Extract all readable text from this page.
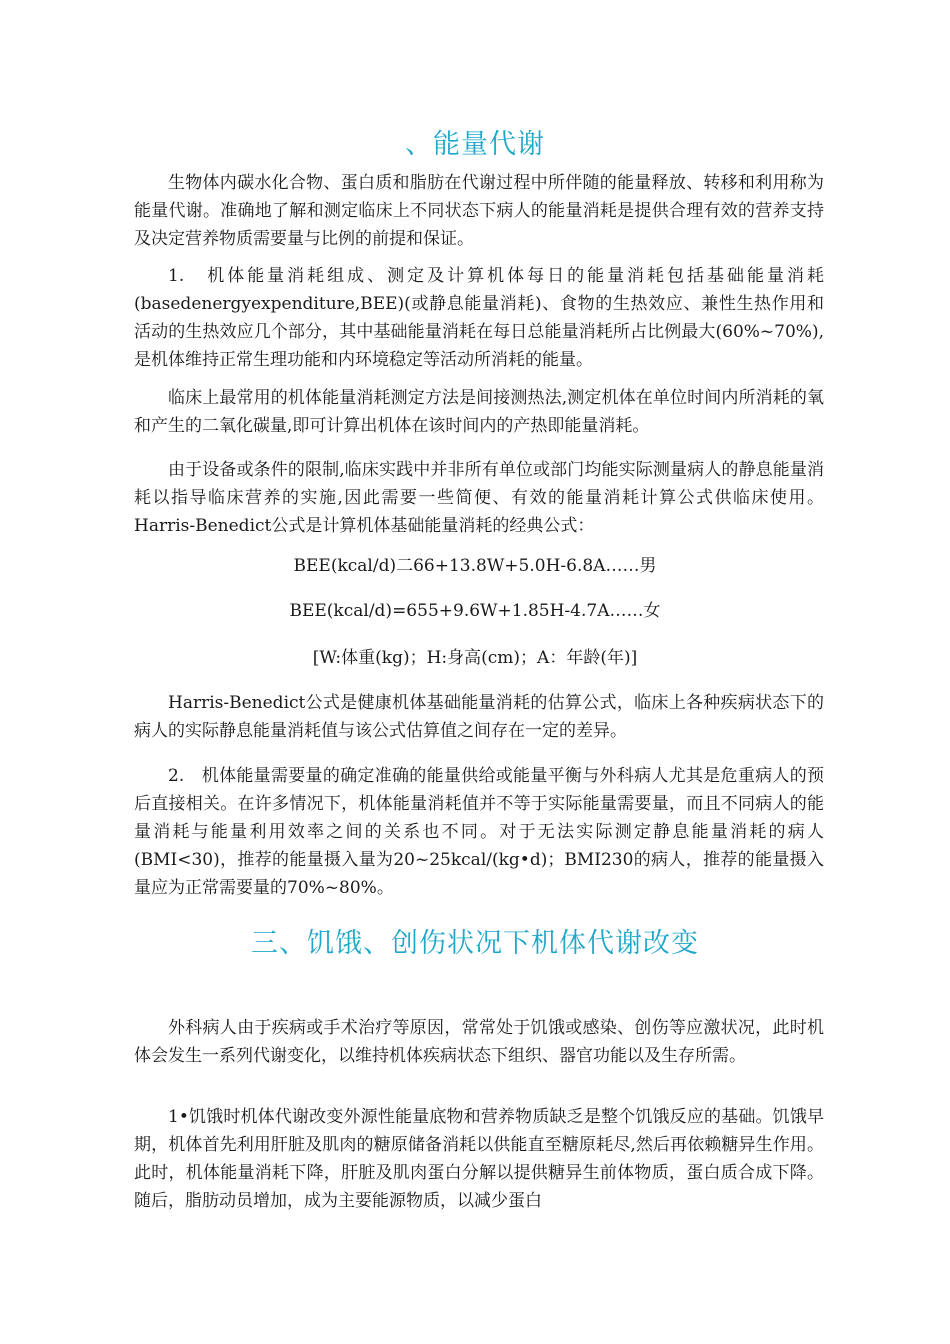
、能量代谢

生物体内碳水化合物、蛋白质和脂肪在代谢过程中所伴随的能量释放、转移和利用称为能量代谢。准确地了解和测定临床上不同状态下病人的能量消耗是提供合理有效的营养支持及决定营养物质需要量与比例的前提和保证。

1.　机体能量消耗组成、测定及计算机体每日的能量消耗包括基础能量消耗(basedenergyexpenditure,BEE)(或静息能量消耗)、食物的生热效应、兼性生热作用和活动的生热效应几个部分，其中基础能量消耗在每日总能量消耗所占比例最大(60%~70%),是机体维持正常生理功能和内环境稳定等活动所消耗的能量。

临床上最常用的机体能量消耗测定方法是间接测热法,测定机体在单位时间内所消耗的氧和产生的二氧化碳量,即可计算出机体在该时间内的产热即能量消耗。

由于设备或条件的限制,临床实践中并非所有单位或部门均能实际测量病人的静息能量消耗以指导临床营养的实施,因此需要一些简便、有效的能量消耗计算公式供临床使用。Harris-Benedict公式是计算机体基础能量消耗的经典公式：

BEE(kcal/d)二66+13.8W+5.0H-6.8A……男

BEE(kcal/d)=655+9.6W+1.85H-4.7A……女

[W:体重(kg)；H:身高(cm)；A：年龄(年)]

Harris-Benedict公式是健康机体基础能量消耗的估算公式，临床上各种疾病状态下的病人的实际静息能量消耗值与该公式估算值之间存在一定的差异。

2.　机体能量需要量的确定准确的能量供给或能量平衡与外科病人尤其是危重病人的预后直接相关。在许多情况下，机体能量消耗值并不等于实际能量需要量，而且不同病人的能量消耗与能量利用效率之间的关系也不同。对于无法实际测定静息能量消耗的病人(BMI<30)，推荐的能量摄入量为20~25kcal/(kg•d)；BMI230的病人，推荐的能量摄入量应为正常需要量的70%~80%。

三、饥饿、创伤状况下机体代谢改变

外科病人由于疾病或手术治疗等原因，常常处于饥饿或感染、创伤等应激状况，此时机体会发生一系列代谢变化，以维持机体疾病状态下组织、器官功能以及生存所需。

1•饥饿时机体代谢改变外源性能量底物和营养物质缺乏是整个饥饿反应的基础。饥饿早期，机体首先利用肝脏及肌肉的糖原储备消耗以供能直至糖原耗尽,然后再依赖糖异生作用。此时，机体能量消耗下降，肝脏及肌肉蛋白分解以提供糖异生前体物质，蛋白质合成下降。随后，脂肪动员增加，成为主要能源物质，以减少蛋白
